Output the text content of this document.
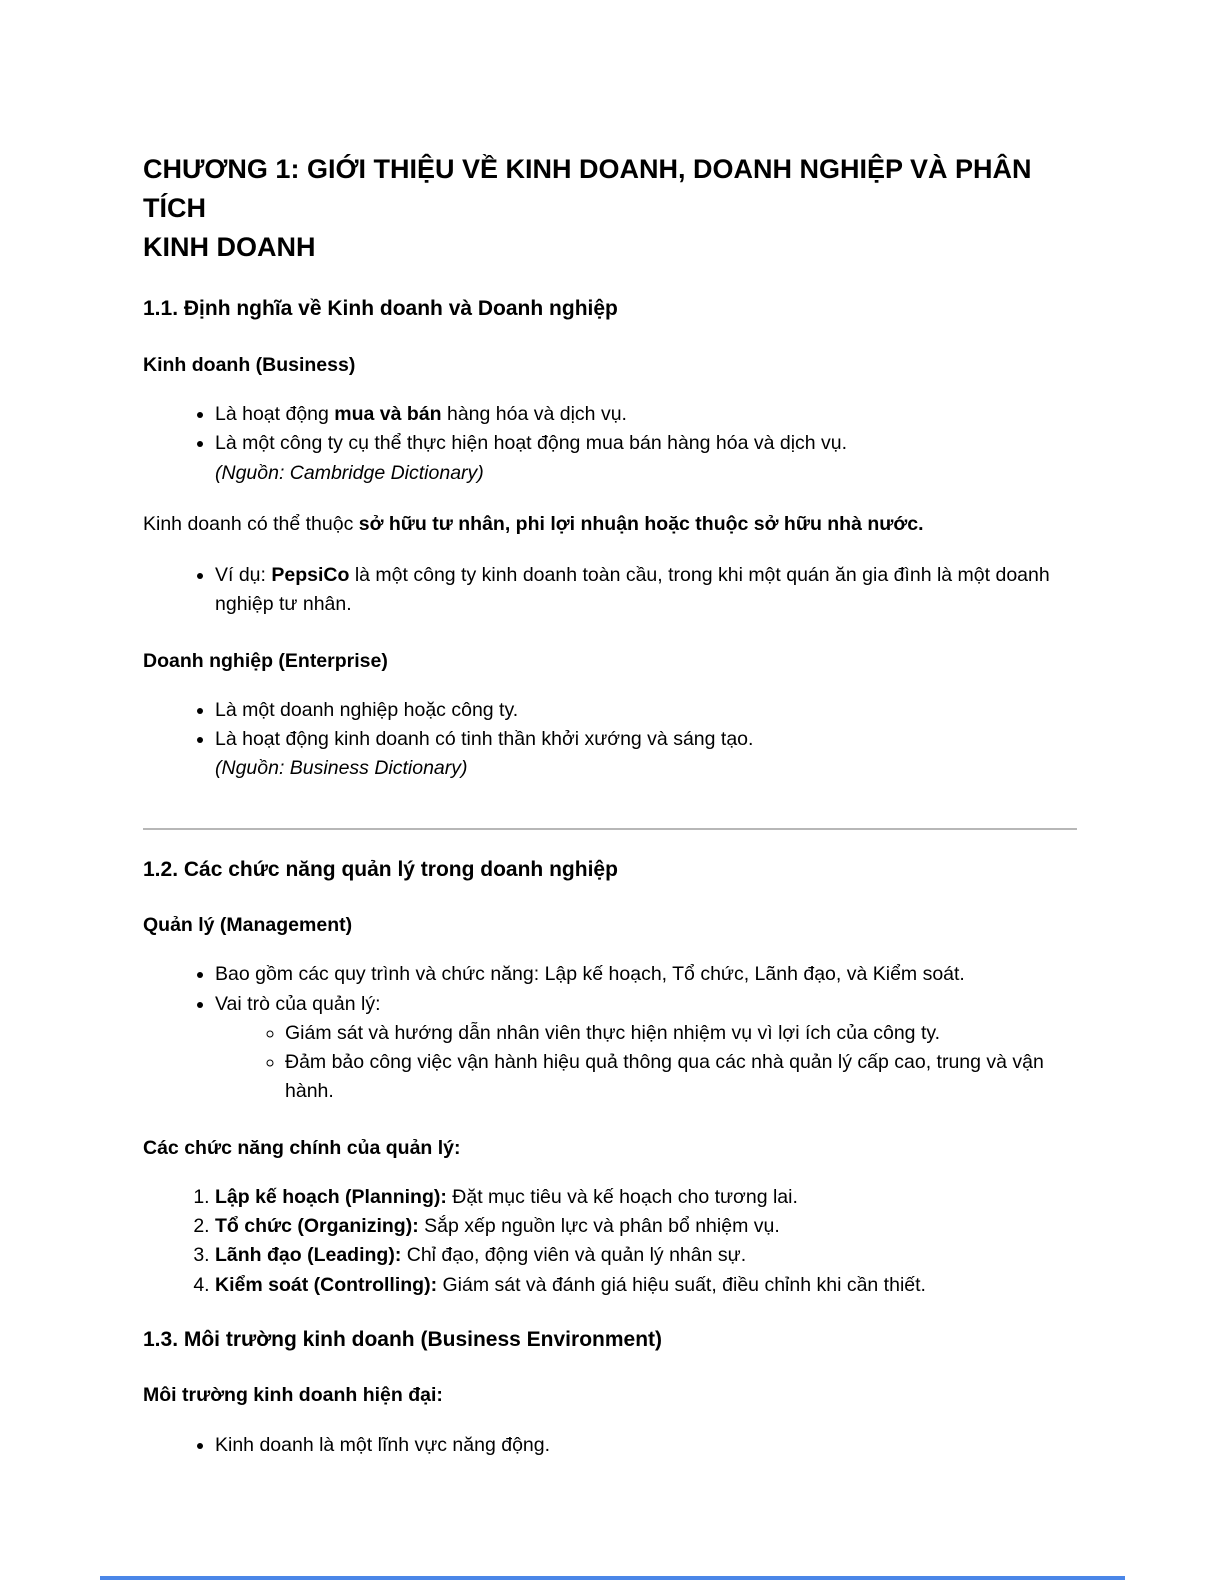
CHƯƠNG 1: GIỚI THIỆU VỀ KINH DOANH, DOANH NGHIỆP VÀ PHÂN TÍCH
KINH DOANH
1.1. Định nghĩa về Kinh doanh và Doanh nghiệp
Kinh doanh (Business)
• Là hoạt động mua và bán hàng hóa và dịch vụ.
• Là một công ty cụ thể thực hiện hoạt động mua bán hàng hóa và dịch vụ.
(Nguồn: Cambridge Dictionary)

Kinh doanh có thể thuộc sở hữu tư nhân, phi lợi nhuận hoặc thuộc sở hữu nhà nước.

• Ví dụ: PepsiCo là một công ty kinh doanh toàn cầu, trong khi một quán ăn gia đình là một doanh nghiệp tư nhân.
Doanh nghiệp (Enterprise)
• Là một doanh nghiệp hoặc công ty.
• Là hoạt động kinh doanh có tinh thần khởi xướng và sáng tạo.
(Nguồn: Business Dictionary)
1.2. Các chức năng quản lý trong doanh nghiệp
Quản lý (Management)
• Bao gồm các quy trình và chức năng: Lập kế hoạch, Tổ chức, Lãnh đạo, và Kiểm soát.
• Vai trò của quản lý:
◦ Giám sát và hướng dẫn nhân viên thực hiện nhiệm vụ vì lợi ích của công ty.
◦ Đảm bảo công việc vận hành hiệu quả thông qua các nhà quản lý cấp cao, trung và vận hành.
Các chức năng chính của quản lý:
1. Lập kế hoạch (Planning): Đặt mục tiêu và kế hoạch cho tương lai.
2. Tổ chức (Organizing): Sắp xếp nguồn lực và phân bổ nhiệm vụ.
3. Lãnh đạo (Leading): Chỉ đạo, động viên và quản lý nhân sự.
4. Kiểm soát (Controlling): Giám sát và đánh giá hiệu suất, điều chỉnh khi cần thiết.
1.3. Môi trường kinh doanh (Business Environment)
Môi trường kinh doanh hiện đại:
• Kinh doanh là một lĩnh vực năng động.
